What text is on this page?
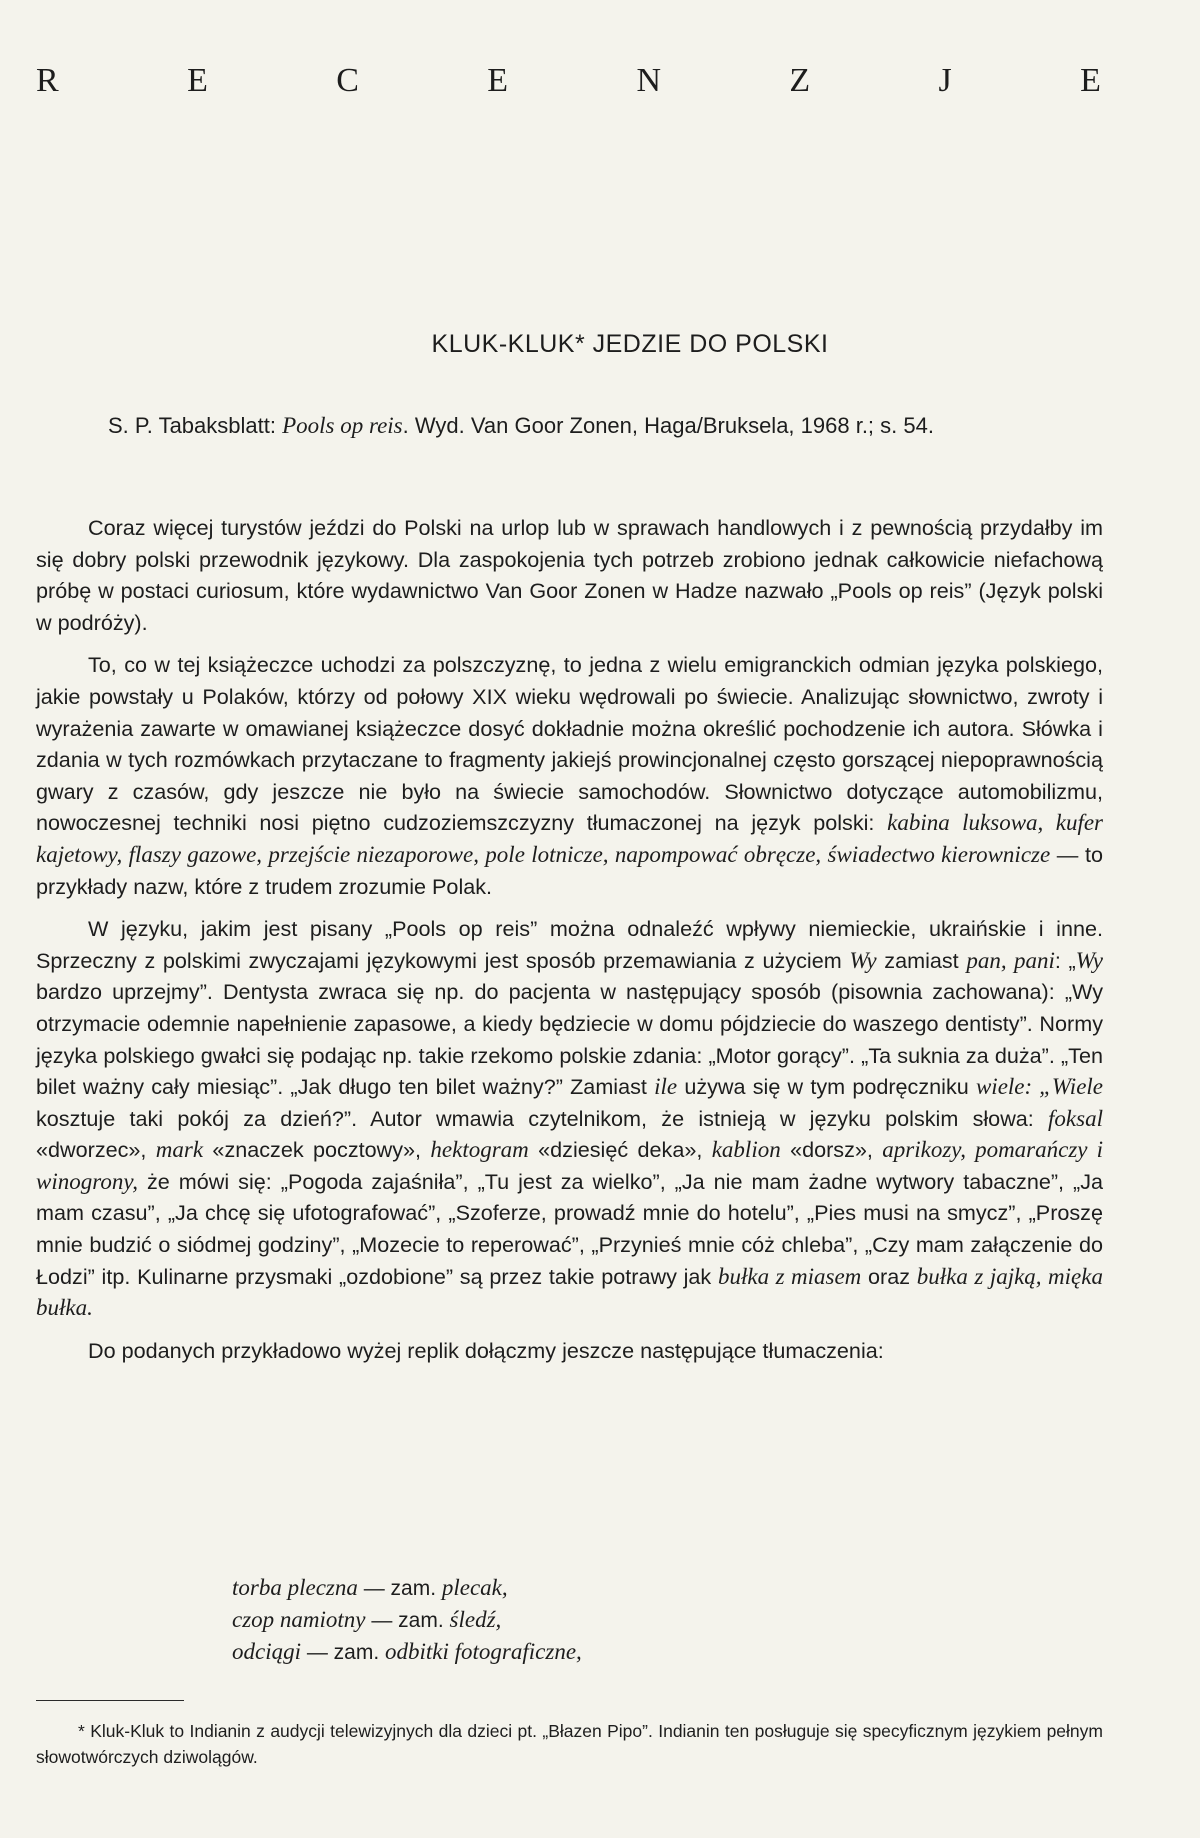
R	E	C	E	N	Z	J	E
KLUK-KLUK* JEDZIE DO POLSKI
S. P. Tabaksblatt: Pools op reis. Wyd. Van Goor Zonen, Haga/Bruksela, 1968 r.; s. 54.

Coraz więcej turystów jeździ do Polski na urlop lub w sprawach handlowych i z pewnością przydałby im się dobry polski przewodnik językowy. Dla zaspokojenia tych potrzeb zrobiono jednak całkowicie niefachową próbę w postaci curiosum, które wydawnictwo Van Goor Zonen w Hadze nazwało „Pools op reis” (Język polski w podróży).

To, co w tej książeczce uchodzi za polszczyznę, to jedna z wielu emigranckich odmian języka polskiego, jakie powstały u Polaków, którzy od połowy XIX wieku wędrowali po świecie. Analizując słownictwo, zwroty i wyrażenia zawarte w omawianej książeczce dosyć dokładnie można określić pochodzenie ich autora. Słówka i zdania w tych rozmówkach przytaczane to fragmenty jakiejś prowincjonalnej często gorszącej niepoprawnością gwary z czasów, gdy jeszcze nie było na świecie samochodów. Słownictwo dotyczące automobilizmu, nowoczesnej techniki nosi piętno cudzoziemszczyzny tłumaczonej na język polski: kabina luksowa, kufer kajetowy, flaszy gazowe, przejście niezaporowe, pole lotnicze, napompować obręcze, świadectwo kierownicze — to przykłady nazw, które z trudem zrozumie Polak.

W języku, jakim jest pisany „Pools op reis” można odnaleźć wpływy niemieckie, ukraińskie i inne. Sprzeczny z polskimi zwyczajami językowymi jest sposób przemawiania z użyciem Wy zamiast pan, pani: „Wy bardzo uprzejmy”. Dentysta zwraca się np. do pacjenta w następujący sposób (pisownia zachowana): „Wy otrzymacie odemnie napełnienie zapasowe, a kiedy będziecie w domu pójdziecie do waszego dentisty”. Normy języka polskiego gwałci się podając np. takie rzekomo polskie zdania: „Motor gorący”. „Ta suknia za duża”. „Ten bilet ważny cały miesiąc”. „Jak długo ten bilet ważny?” Zamiast ile używa się w tym podręczniku wiele: „Wiele kosztuje taki pokój za dzień?”. Autor wmawia czytelnikom, że istnieją w języku polskim słowa: foksal «dworzec», mark «znaczek pocztowy», hektogram «dziesięć deka», kablion «dorsz», aprikozy, pomarańczy i winogrony, że mówi się: „Pogoda zajaśniła”, „Tu jest za wielko”, „Ja nie mam żadne wytwory tabaczne”, „Ja mam czasu”, „Ja chcę się ufotografować”, „Szoferze, prowadź mnie do hotelu”, „Pies musi na smycz”, „Proszę mnie budzić o siódmej godziny”, „Mozecie to reperować”, „Przynieś mnie cóż chleba”, „Czy mam załączenie do Łodzi” itp. Kulinarne przysmaki „ozdobione” są przez takie potrawy jak bułka z miasem oraz bułka z jajką, mięka bułka.

Do podanych przykładowo wyżej replik dołączmy jeszcze następujące tłumaczenia:

torba pleczna — zam. plecak,
czop namiotny — zam. śledź,
odciągi — zam. odbitki fotograficzne,
* Kluk-Kluk to Indianin z audycji telewizyjnych dla dzieci pt. „Błazen Pipo”. Indianin ten posługuje się specyficznym językiem pełnym słowotwórczych dziwolągów.
